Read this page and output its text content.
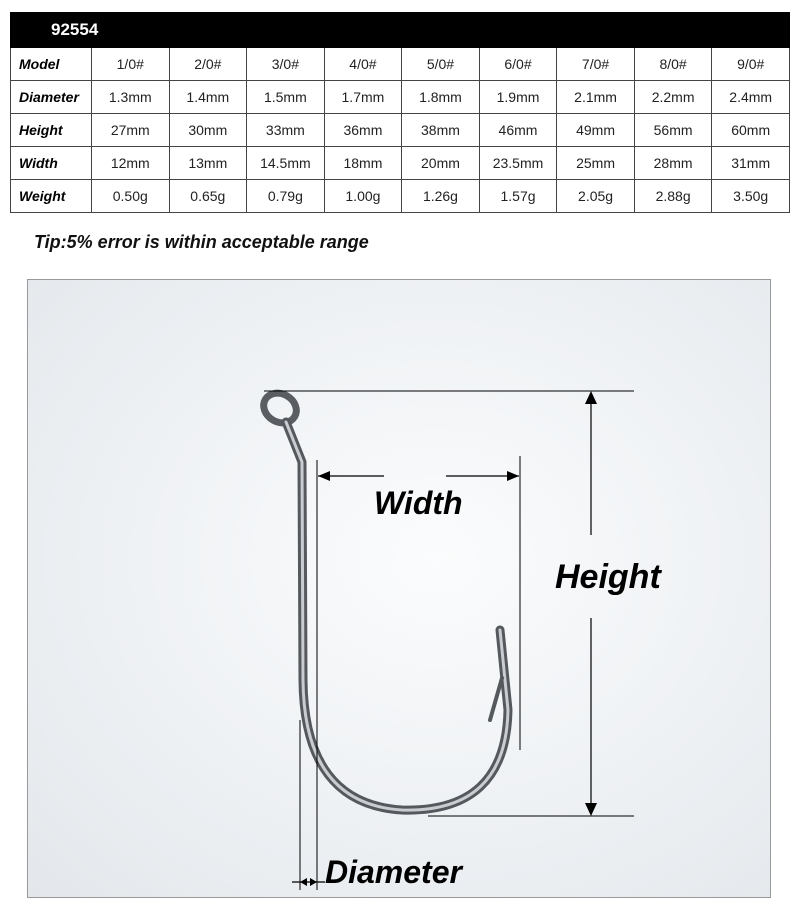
92554									
Model	1/0#	2/0#	3/0#	4/0#	5/0#	6/0#	7/0#	8/0#	9/0#
Diameter	1.3mm	1.4mm	1.5mm	1.7mm	1.8mm	1.9mm	2.1mm	2.2mm	2.4mm
Height	27mm	30mm	33mm	36mm	38mm	46mm	49mm	56mm	60mm
Width	12mm	13mm	14.5mm	18mm	20mm	23.5mm	25mm	28mm	31mm
Weight	0.50g	0.65g	0.79g	1.00g	1.26g	1.57g	2.05g	2.88g	3.50g

Tip:5% error is within acceptable range

Height
Width
Diameter
